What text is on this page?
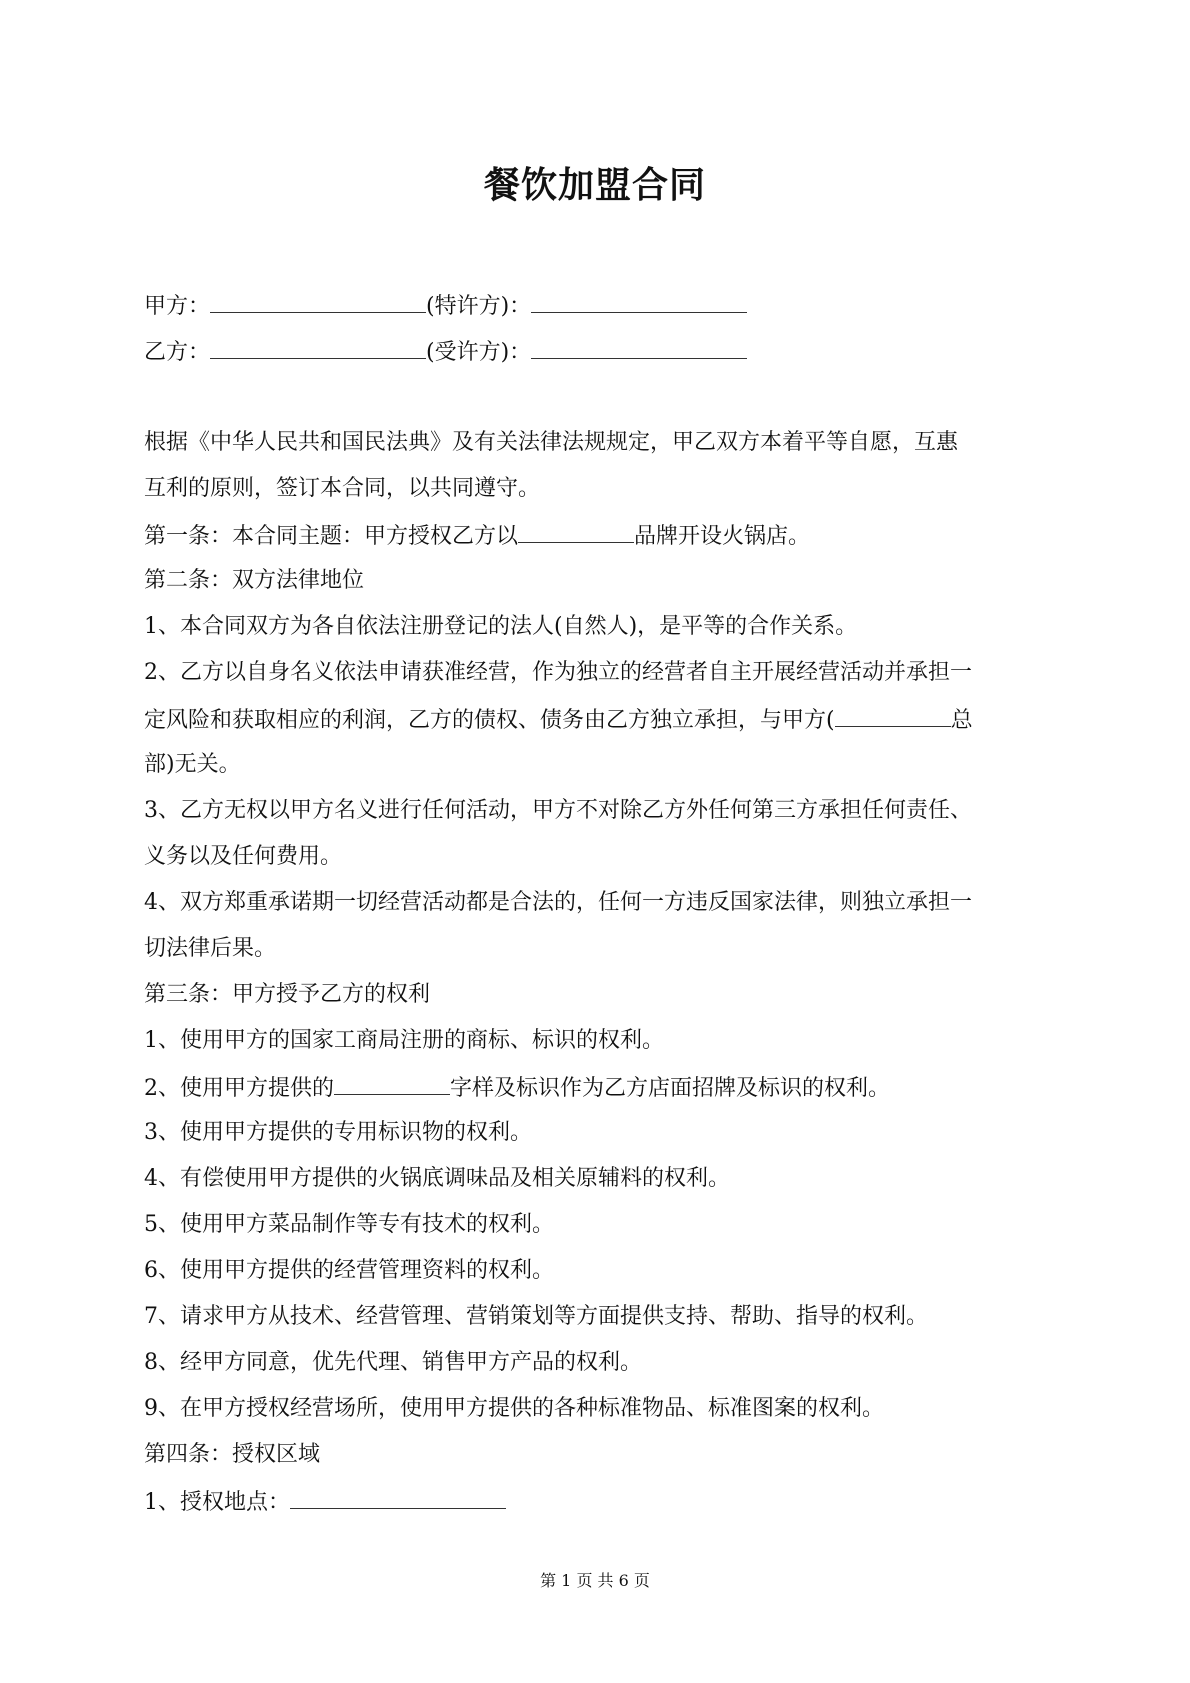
餐饮加盟合同
甲方：	(特许方)：
乙方：	(受许方)：
根据《中华人民共和国民法典》及有关法律法规规定，甲乙双方本着平等自愿，互惠
互利的原则，签订本合同，以共同遵守。
第一条：本合同主题：甲方授权乙方以	品牌开设火锅店。
第二条：双方法律地位
1、本合同双方为各自依法注册登记的法人(自然人)，是平等的合作关系。
2、乙方以自身名义依法申请获准经营，作为独立的经营者自主开展经营活动并承担一
定风险和获取相应的利润，乙方的债权、债务由乙方独立承担，与甲方(	总
部)无关。
3、乙方无权以甲方名义进行任何活动，甲方不对除乙方外任何第三方承担任何责任、
义务以及任何费用。
4、双方郑重承诺期一切经营活动都是合法的，任何一方违反国家法律，则独立承担一
切法律后果。
第三条：甲方授予乙方的权利
1、使用甲方的国家工商局注册的商标、标识的权利。
2、使用甲方提供的	字样及标识作为乙方店面招牌及标识的权利。
3、使用甲方提供的专用标识物的权利。
4、有偿使用甲方提供的火锅底调味品及相关原辅料的权利。
5、使用甲方菜品制作等专有技术的权利。
6、使用甲方提供的经营管理资料的权利。
7、请求甲方从技术、经营管理、营销策划等方面提供支持、帮助、指导的权利。
8、经甲方同意，优先代理、销售甲方产品的权利。
9、在甲方授权经营场所，使用甲方提供的各种标准物品、标准图案的权利。
第四条：授权区域
1、授权地点：
第 1 页 共 6 页
